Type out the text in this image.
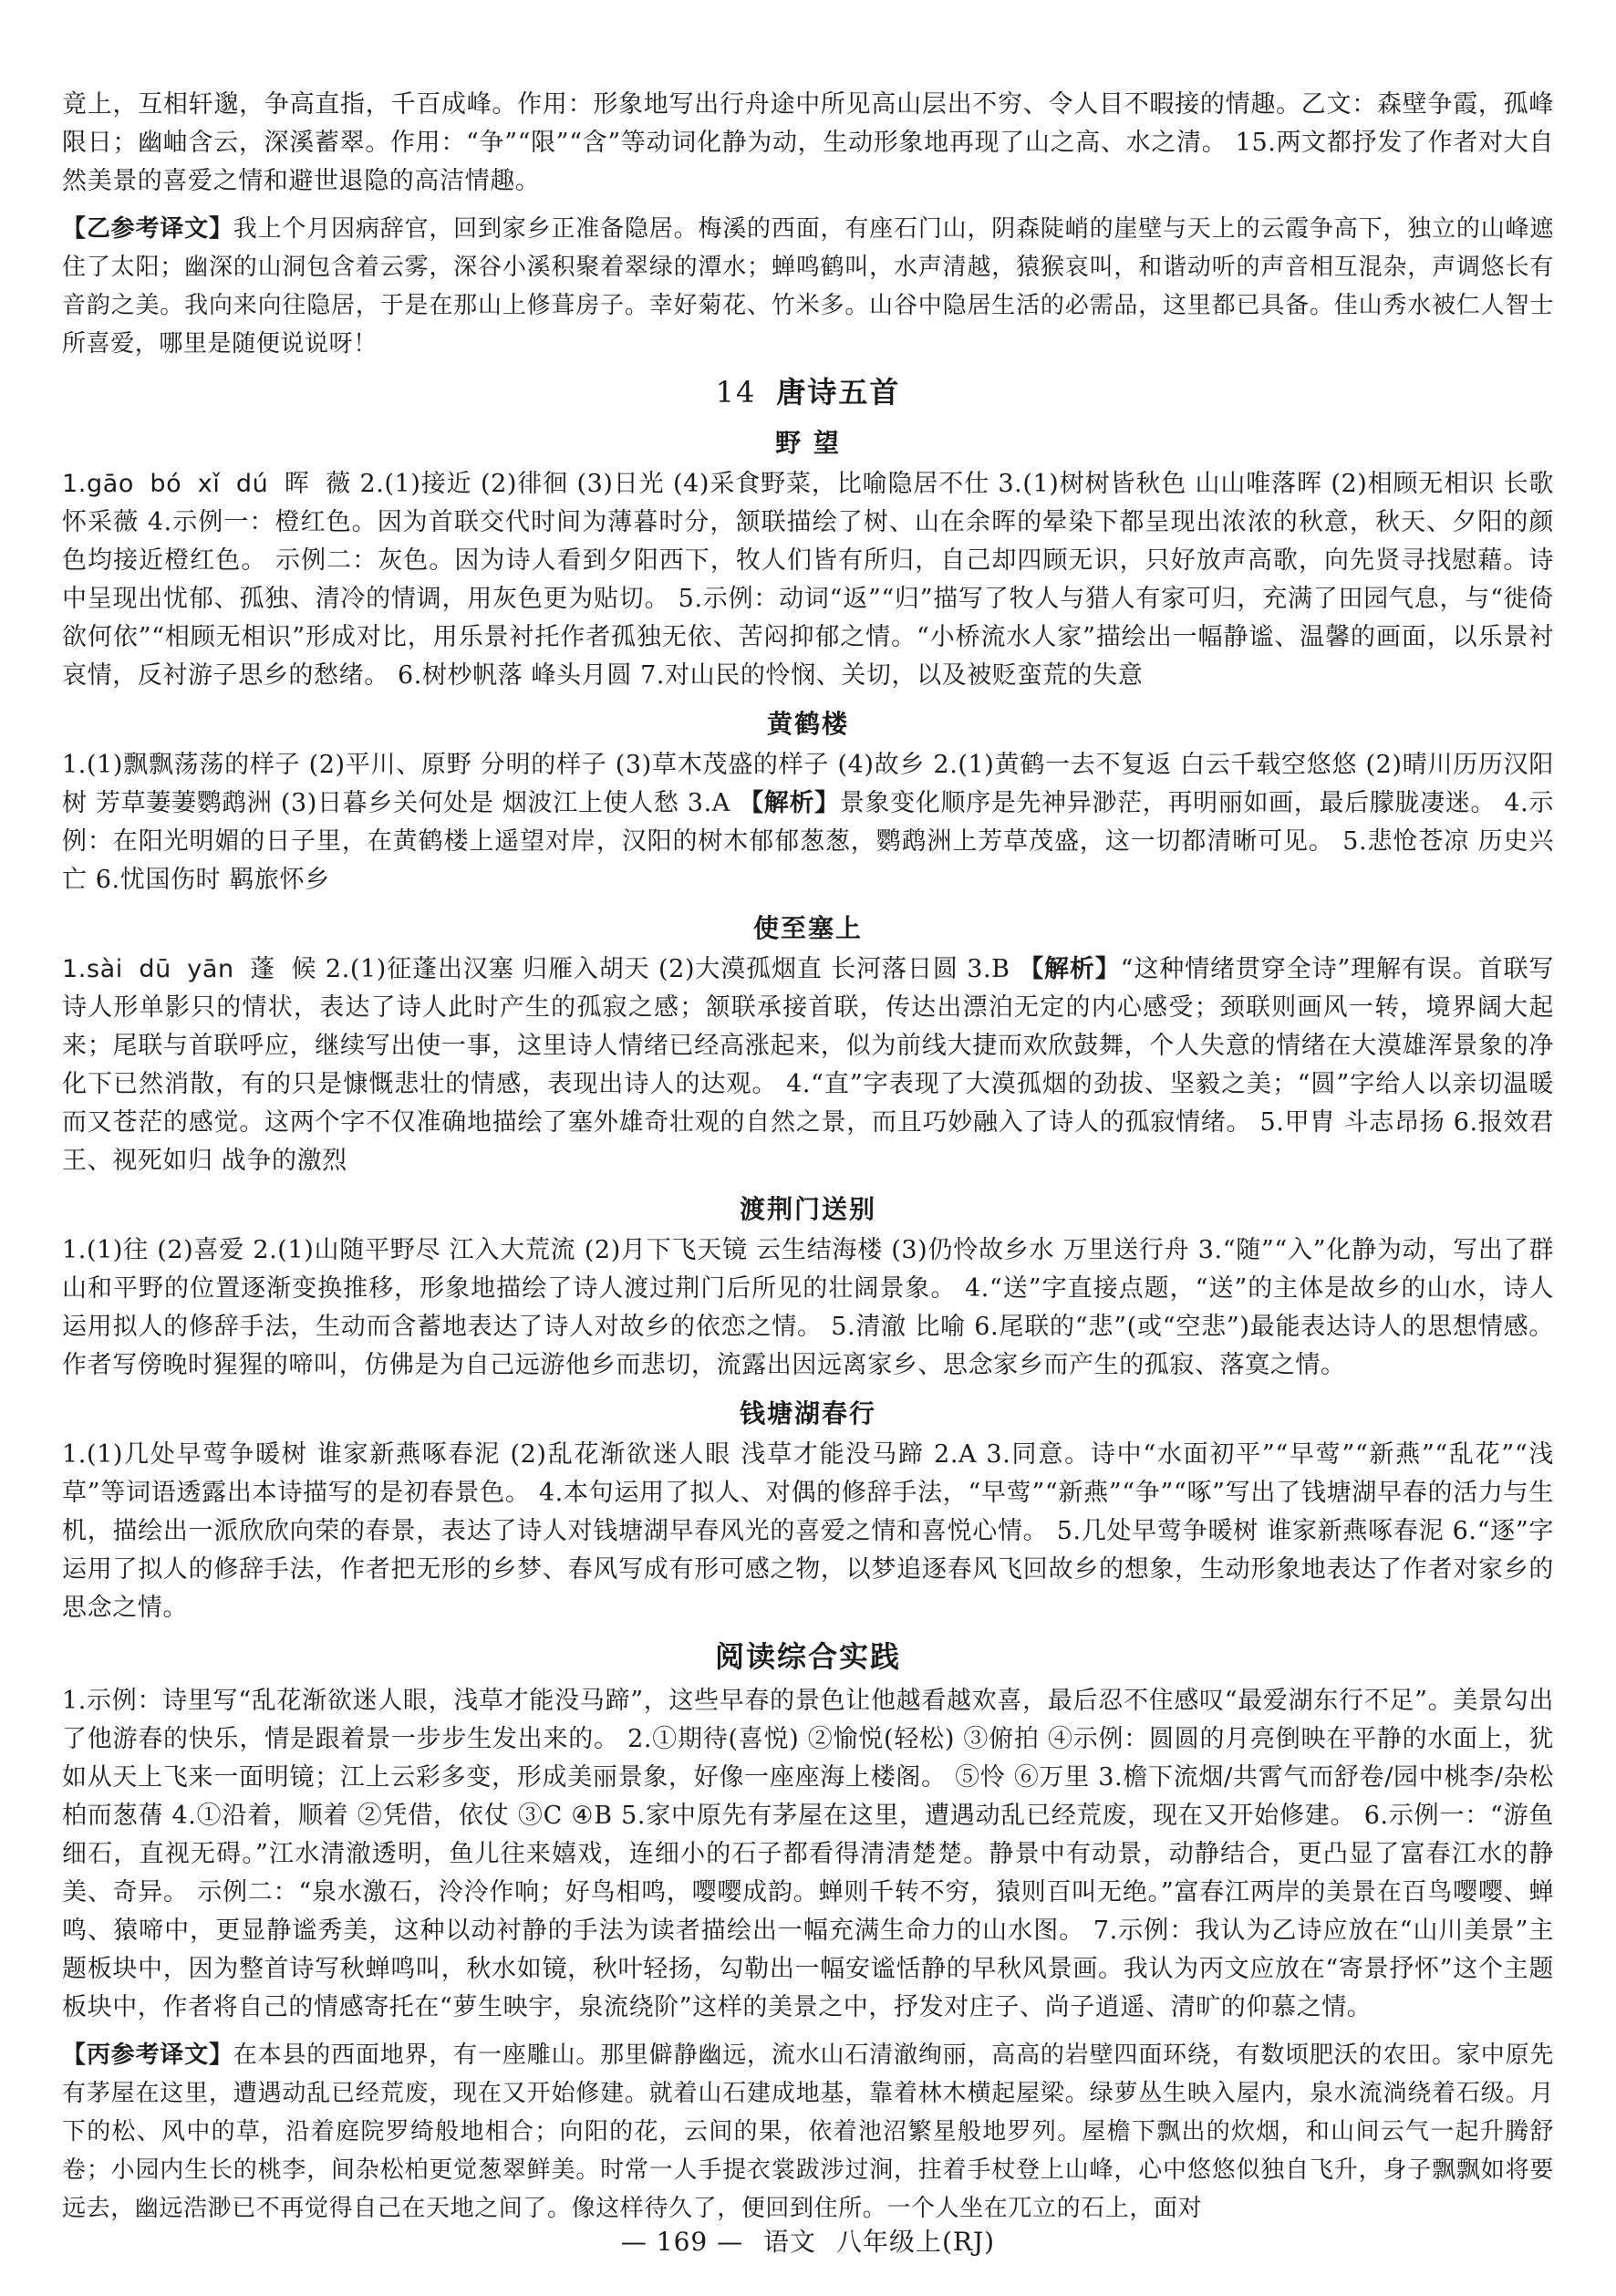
竟上，互相轩邈，争高直指，千百成峰。作用：形象地写出行舟途中所见高山层出不穷、令人目不暇接的情趣。乙文：森壁争霞，孤峰限日；幽岫含云，深溪蓄翠。作用：“争”“限”“含”等动词化静为动，生动形象地再现了山之高、水之清。 15.两文都抒发了作者对大自然美景的喜爱之情和避世退隐的高洁情趣。

【乙参考译文】我上个月因病辞官，回到家乡正准备隐居。梅溪的西面，有座石门山，阴森陡峭的崖壁与天上的云霞争高下，独立的山峰遮住了太阳；幽深的山洞包含着云雾，深谷小溪积聚着翠绿的潭水；蝉鸣鹤叫，水声清越，猿猴哀叫，和谐动听的声音相互混杂，声调悠长有音韵之美。我向来向往隐居，于是在那山上修葺房子。幸好菊花、竹米多。山谷中隐居生活的必需品，这里都已具备。佳山秀水被仁人智士所喜爱，哪里是随便说说呀！

14 唐诗五首
野 望

1.gāo bó xǐ dú 晖 薇 2.(1)接近 (2)徘徊 (3)日光 (4)采食野菜，比喻隐居不仕 3.(1)树树皆秋色 山山唯落晖 (2)相顾无相识 长歌怀采薇 4.示例一：橙红色。因为首联交代时间为薄暮时分，颔联描绘了树、山在余晖的晕染下都呈现出浓浓的秋意，秋天、夕阳的颜色均接近橙红色。 示例二：灰色。因为诗人看到夕阳西下，牧人们皆有所归，自己却四顾无识，只好放声高歌，向先贤寻找慰藉。诗中呈现出忧郁、孤独、清冷的情调，用灰色更为贴切。 5.示例：动词“返”“归”描写了牧人与猎人有家可归，充满了田园气息，与“徙倚欲何依”“相顾无相识”形成对比，用乐景衬托作者孤独无依、苦闷抑郁之情。“小桥流水人家”描绘出一幅静谧、温馨的画面，以乐景衬哀情，反衬游子思乡的愁绪。 6.树杪帆落 峰头月圆 7.对山民的怜悯、关切，以及被贬蛮荒的失意

黄鹤楼

1.(1)飘飘荡荡的样子 (2)平川、原野 分明的样子 (3)草木茂盛的样子 (4)故乡 2.(1)黄鹤一去不复返 白云千载空悠悠 (2)晴川历历汉阳树 芳草萋萋鹦鹉洲 (3)日暮乡关何处是 烟波江上使人愁 3.A 【解析】景象变化顺序是先神异渺茫，再明丽如画，最后朦胧凄迷。 4.示例：在阳光明媚的日子里，在黄鹤楼上遥望对岸，汉阳的树木郁郁葱葱，鹦鹉洲上芳草茂盛，这一切都清晰可见。 5.悲怆苍凉 历史兴亡 6.忧国伤时 羁旅怀乡

使至塞上

1.sài dū yān 蓬 候 2.(1)征蓬出汉塞 归雁入胡天 (2)大漠孤烟直 长河落日圆 3.B 【解析】“这种情绪贯穿全诗”理解有误。首联写诗人形单影只的情状，表达了诗人此时产生的孤寂之感；颔联承接首联，传达出漂泊无定的内心感受；颈联则画风一转，境界阔大起来；尾联与首联呼应，继续写出使一事，这里诗人情绪已经高涨起来，似为前线大捷而欢欣鼓舞，个人失意的情绪在大漠雄浑景象的净化下已然消散，有的只是慷慨悲壮的情感，表现出诗人的达观。 4.“直”字表现了大漠孤烟的劲拔、坚毅之美；“圆”字给人以亲切温暖而又苍茫的感觉。这两个字不仅准确地描绘了塞外雄奇壮观的自然之景，而且巧妙融入了诗人的孤寂情绪。 5.甲胄 斗志昂扬 6.报效君王、视死如归 战争的激烈

渡荆门送别

1.(1)往 (2)喜爱 2.(1)山随平野尽 江入大荒流 (2)月下飞天镜 云生结海楼 (3)仍怜故乡水 万里送行舟 3.“随”“入”化静为动，写出了群山和平野的位置逐渐变换推移，形象地描绘了诗人渡过荆门后所见的壮阔景象。 4.“送”字直接点题，“送”的主体是故乡的山水，诗人运用拟人的修辞手法，生动而含蓄地表达了诗人对故乡的依恋之情。 5.清澈 比喻 6.尾联的“悲”(或“空悲”)最能表达诗人的思想情感。作者写傍晚时猩猩的啼叫，仿佛是为自己远游他乡而悲切，流露出因远离家乡、思念家乡而产生的孤寂、落寞之情。

钱塘湖春行

1.(1)几处早莺争暖树 谁家新燕啄春泥 (2)乱花渐欲迷人眼 浅草才能没马蹄 2.A 3.同意。诗中“水面初平”“早莺”“新燕”“乱花”“浅草”等词语透露出本诗描写的是初春景色。 4.本句运用了拟人、对偶的修辞手法，“早莺”“新燕”“争”“啄”写出了钱塘湖早春的活力与生机，描绘出一派欣欣向荣的春景，表达了诗人对钱塘湖早春风光的喜爱之情和喜悦心情。 5.几处早莺争暖树 谁家新燕啄春泥 6.“逐”字运用了拟人的修辞手法，作者把无形的乡梦、春风写成有形可感之物，以梦追逐春风飞回故乡的想象，生动形象地表达了作者对家乡的思念之情。

阅读综合实践

1.示例：诗里写“乱花渐欲迷人眼，浅草才能没马蹄”，这些早春的景色让他越看越欢喜，最后忍不住感叹“最爱湖东行不足”。美景勾出了他游春的快乐，情是跟着景一步步生发出来的。 2.①期待(喜悦) ②愉悦(轻松) ③俯拍 ④示例：圆圆的月亮倒映在平静的水面上，犹如从天上飞来一面明镜；江上云彩多变，形成美丽景象，好像一座座海上楼阁。 ⑤怜 ⑥万里 3.檐下流烟/共霄气而舒卷/园中桃李/杂松柏而葱蒨 4.①沿着，顺着 ②凭借，依仗 ③C ④B 5.家中原先有茅屋在这里，遭遇动乱已经荒废，现在又开始修建。 6.示例一：“游鱼细石，直视无碍。”江水清澈透明，鱼儿往来嬉戏，连细小的石子都看得清清楚楚。静景中有动景，动静结合，更凸显了富春江水的静美、奇异。 示例二：“泉水激石，泠泠作响；好鸟相鸣，嘤嘤成韵。蝉则千转不穷，猿则百叫无绝。”富春江两岸的美景在百鸟嘤嘤、蝉鸣、猿啼中，更显静谧秀美，这种以动衬静的手法为读者描绘出一幅充满生命力的山水图。 7.示例：我认为乙诗应放在“山川美景”主题板块中，因为整首诗写秋蝉鸣叫，秋水如镜，秋叶轻扬，勾勒出一幅安谧恬静的早秋风景画。我认为丙文应放在“寄景抒怀”这个主题板块中，作者将自己的情感寄托在“萝生映宇，泉流绕阶”这样的美景之中，抒发对庄子、尚子逍遥、清旷的仰慕之情。

【丙参考译文】在本县的西面地界，有一座雕山。那里僻静幽远，流水山石清澈绚丽，高高的岩壁四面环绕，有数顷肥沃的农田。家中原先有茅屋在这里，遭遇动乱已经荒废，现在又开始修建。就着山石建成地基，靠着林木横起屋梁。绿萝丛生映入屋内，泉水流淌绕着石级。月下的松、风中的草，沿着庭院罗绮般地相合；向阳的花，云间的果，依着池沼繁星般地罗列。屋檐下飘出的炊烟，和山间云气一起升腾舒卷；小园内生长的桃李，间杂松柏更觉葱翠鲜美。时常一人手提衣裳跋涉过涧，拄着手杖登上山峰，心中悠悠似独自飞升，身子飘飘如将要远去，幽远浩渺已不再觉得自己在天地之间了。像这样待久了，便回到住所。一个人坐在兀立的石上，面对

— 169 — 语文 八年级上(RJ)
